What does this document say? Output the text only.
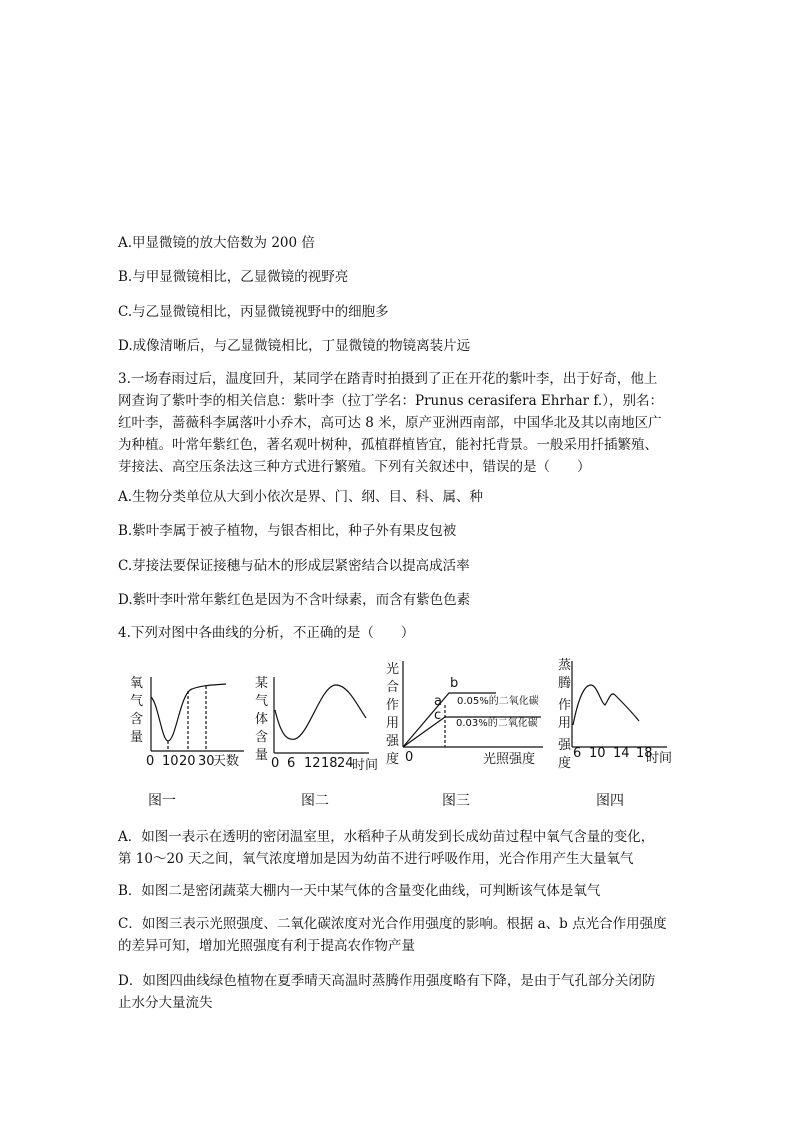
A.甲显微镜的放大倍数为 200 倍
B.与甲显微镜相比，乙显微镜的视野亮
C.与乙显微镜相比，丙显微镜视野中的细胞多
D.成像清晰后，与乙显微镜相比，丁显微镜的物镜离装片远
3.一场春雨过后，温度回升，某同学在踏青时拍摄到了正在开花的紫叶李，出于好奇，他上
网查询了紫叶李的相关信息：紫叶李（拉丁学名：Prunus cerasifera Ehrhar f.），别名：
红叶李，蔷薇科李属落叶小乔木，高可达 8 米，原产亚洲西南部，中国华北及其以南地区广
为种植。叶常年紫红色，著名观叶树种，孤植群植皆宜，能衬托背景。一般采用扦插繁殖、
芽接法、高空压条法这三种方式进行繁殖。下列有关叙述中，错误的是（　　）
A.生物分类单位从大到小依次是界、门、纲、目、科、属、种
B.紫叶李属于被子植物，与银杏相比，种子外有果皮包被
C.芽接法要保证接穗与砧木的形成层紧密结合以提高成活率
D.紫叶李叶常年紫红色是因为不含叶绿素，而含有紫色色素
4.下列对图中各曲线的分析，不正确的是（　　）
氧
气
含
量
0 10 20 30
天数
某
气
体
含
量
0 6 12 18 24
时间
光
合
作
用
强
度 0	光照强度
b
a
c
0.05%的二氧化碳
0.03%的二氧化碳
蒸
腾
作
用
强
度
6 10 14 18
时间
图一	图二	图三	图四
A．如图一表示在透明的密闭温室里，水稻种子从萌发到长成幼苗过程中氧气含量的变化，
第 10～20 天之间，氧气浓度增加是因为幼苗不进行呼吸作用，光合作用产生大量氧气
B．如图二是密闭蔬菜大棚内一天中某气体的含量变化曲线，可判断该气体是氧气
C．如图三表示光照强度、二氧化碳浓度对光合作用强度的影响。根据 a、b 点光合作用强度
的差异可知，增加光照强度有利于提高农作物产量
D．如图四曲线绿色植物在夏季晴天高温时蒸腾作用强度略有下降，是由于气孔部分关闭防
止水分大量流失
